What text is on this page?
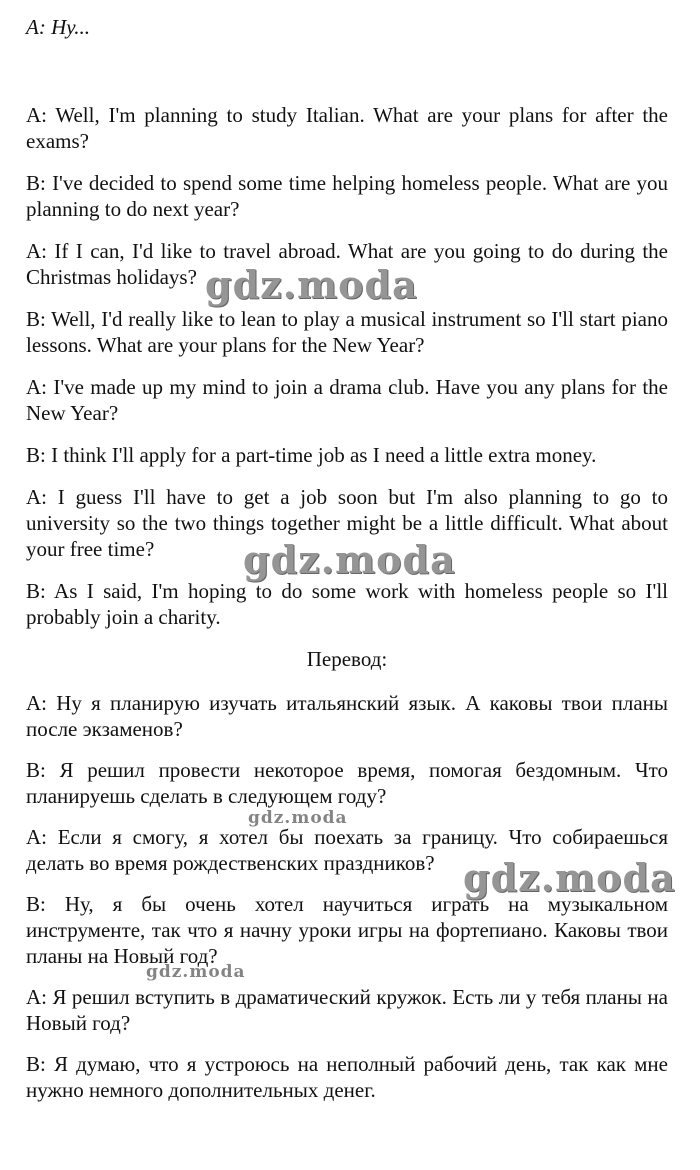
A: Ну...

A: Well, I'm planning to study Italian. What are your plans for after the exams?

B: I've decided to spend some time helping homeless people. What are you planning to do next year?

A: If I can, I'd like to travel abroad. What are you going to do during the Christmas holidays?

B: Well, I'd really like to lean to play a musical instrument so I'll start piano lessons. What are your plans for the New Year?

A: I've made up my mind to join a drama club. Have you any plans for the New Year?

B: I think I'll apply for a part-time job as I need a little extra money.

A: I guess I'll have to get a job soon but I'm also planning to go to university so the two things together might be a little difficult. What about your free time?

B: As I said, I'm hoping to do some work with homeless people so I'll probably join a charity.

Перевод:

A: Ну я планирую изучать итальянский язык. А каковы твои планы после экзаменов?

B: Я решил провести некоторое время, помогая бездомным. Что планируешь сделать в следующем году?

A: Если я смогу, я хотел бы поехать за границу. Что собираешься делать во время рождественских праздников?

B: Ну, я бы очень хотел научиться играть на музыкальном инструменте, так что я начну уроки игры на фортепиано. Каковы твои планы на Новый год?

A: Я решил вступить в драматический кружок. Есть ли у тебя планы на Новый год?

B: Я думаю, что я устроюсь на неполный рабочий день, так как мне нужно немного дополнительных денег.

gdz.moda
gdz.moda
gdz.moda
gdz.moda
gdz.moda
